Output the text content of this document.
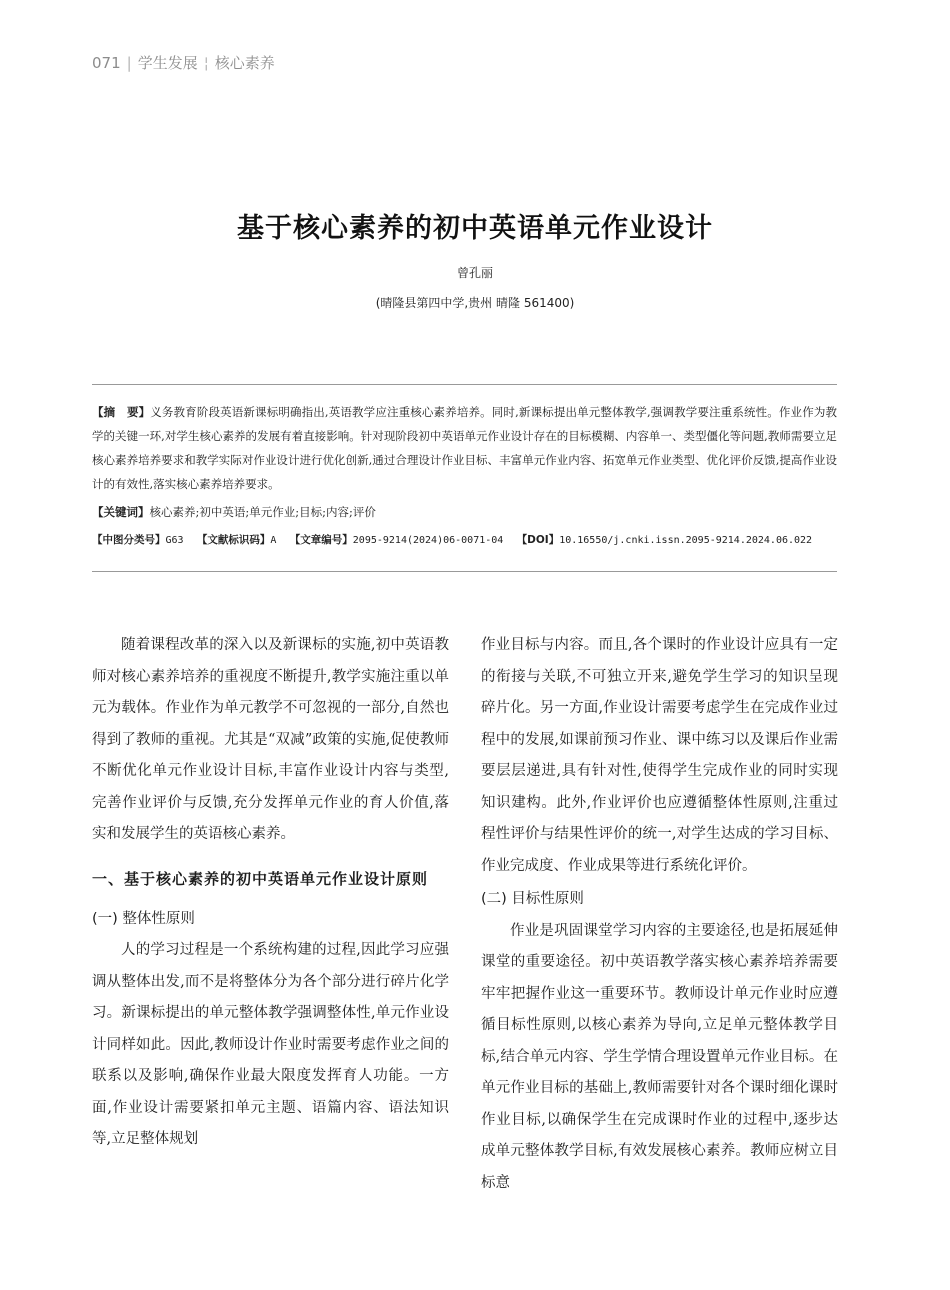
071 | 学生发展 ¦ 核心素养
基于核心素养的初中英语单元作业设计
曾孔丽
(晴隆县第四中学,贵州 晴隆 561400)
【摘　要】义务教育阶段英语新课标明确指出,英语教学应注重核心素养培养。同时,新课标提出单元整体教学,强调教学要注重系统性。作业作为教学的关键一环,对学生核心素养的发展有着直接影响。针对现阶段初中英语单元作业设计存在的目标模糊、内容单一、类型僵化等问题,教师需要立足核心素养培养要求和教学实际对作业设计进行优化创新,通过合理设计作业目标、丰富单元作业内容、拓宽单元作业类型、优化评价反馈,提高作业设计的有效性,落实核心素养培养要求。
【关键词】核心素养;初中英语;单元作业;目标;内容;评价
【中图分类号】G63 【文献标识码】A 【文章编号】2095-9214(2024)06-0071-04 【DOI】10.16550/j.cnki.issn.2095-9214.2024.06.022

随着课程改革的深入以及新课标的实施,初中英语教师对核心素养培养的重视度不断提升,教学实施注重以单元为载体。作业作为单元教学不可忽视的一部分,自然也得到了教师的重视。尤其是“双减”政策的实施,促使教师不断优化单元作业设计目标,丰富作业设计内容与类型,完善作业评价与反馈,充分发挥单元作业的育人价值,落实和发展学生的英语核心素养。

一、基于核心素养的初中英语单元作业设计原则
(一) 整体性原则

人的学习过程是一个系统构建的过程,因此学习应强调从整体出发,而不是将整体分为各个部分进行碎片化学习。新课标提出的单元整体教学强调整体性,单元作业设计同样如此。因此,教师设计作业时需要考虑作业之间的联系以及影响,确保作业最大限度发挥育人功能。一方面,作业设计需要紧扣单元主题、语篇内容、语法知识等,立足整体规划

作业目标与内容。而且,各个课时的作业设计应具有一定的衔接与关联,不可独立开来,避免学生学习的知识呈现碎片化。另一方面,作业设计需要考虑学生在完成作业过程中的发展,如课前预习作业、课中练习以及课后作业需要层层递进,具有针对性,使得学生完成作业的同时实现知识建构。此外,作业评价也应遵循整体性原则,注重过程性评价与结果性评价的统一,对学生达成的学习目标、作业完成度、作业成果等进行系统化评价。

(二) 目标性原则

作业是巩固课堂学习内容的主要途径,也是拓展延伸课堂的重要途径。初中英语教学落实核心素养培养需要牢牢把握作业这一重要环节。教师设计单元作业时应遵循目标性原则,以核心素养为导向,立足单元整体教学目标,结合单元内容、学生学情合理设置单元作业目标。在单元作业目标的基础上,教师需要针对各个课时细化课时作业目标,以确保学生在完成课时作业的过程中,逐步达成单元整体教学目标,有效发展核心素养。教师应树立目标意
